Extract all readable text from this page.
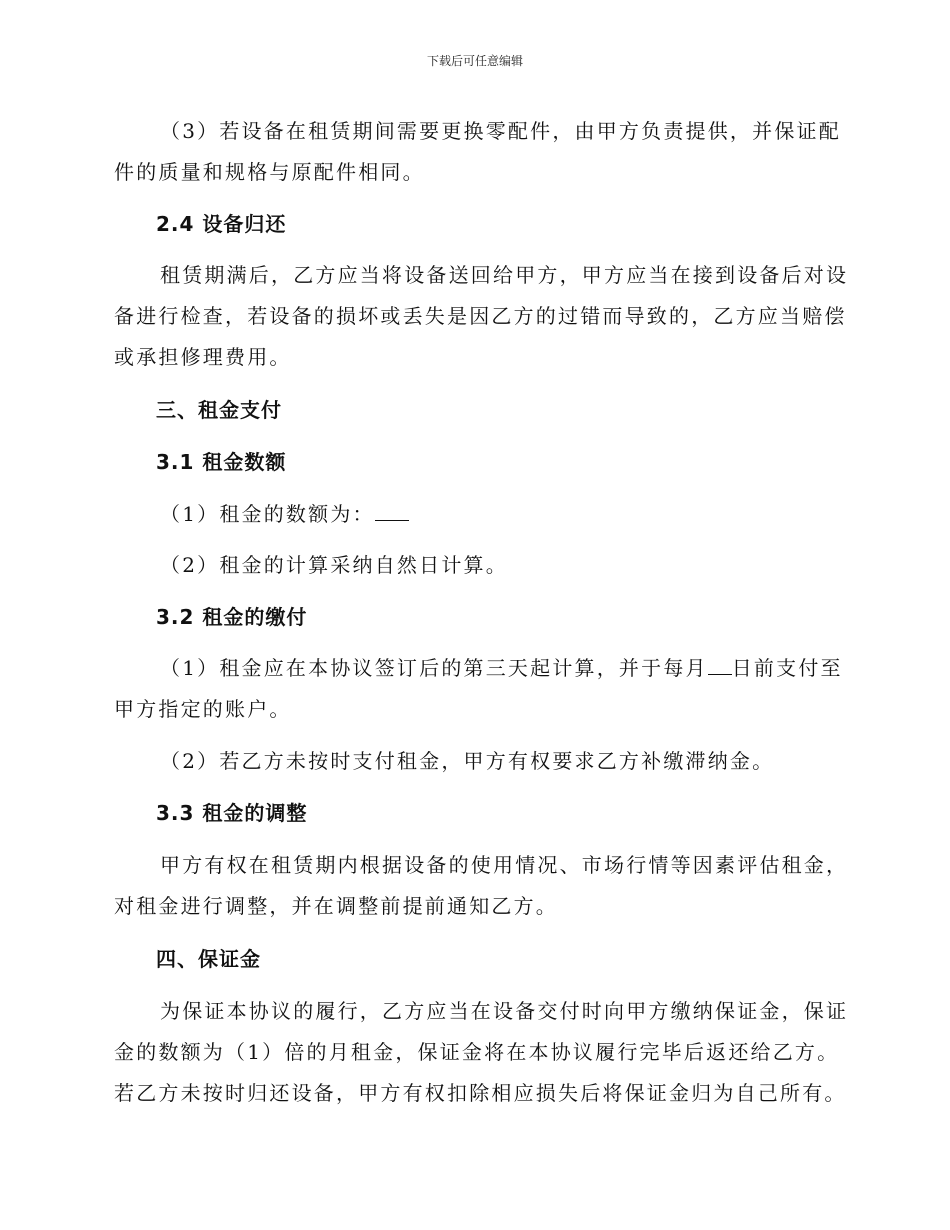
下载后可任意编辑
（3）若设备在租赁期间需要更换零配件，由甲方负责提供，并保证配
件的质量和规格与原配件相同。
2.4 设备归还
租赁期满后，乙方应当将设备送回给甲方，甲方应当在接到设备后对设
备进行检查，若设备的损坏或丢失是因乙方的过错而导致的，乙方应当赔偿
或承担修理费用。
三、租金支付
3.1 租金数额
（1）租金的数额为：
（2）租金的计算采纳自然日计算。
3.2 租金的缴付
（1）租金应在本协议签订后的第三天起计算，并于每月 日前支付至
甲方指定的账户。
（2）若乙方未按时支付租金，甲方有权要求乙方补缴滞纳金。
3.3 租金的调整
甲方有权在租赁期内根据设备的使用情况、市场行情等因素评估租金，
对租金进行调整，并在调整前提前通知乙方。
四、保证金
为保证本协议的履行，乙方应当在设备交付时向甲方缴纳保证金，保证
金的数额为（1）倍的月租金，保证金将在本协议履行完毕后返还给乙方。
若乙方未按时归还设备，甲方有权扣除相应损失后将保证金归为自己所有。
